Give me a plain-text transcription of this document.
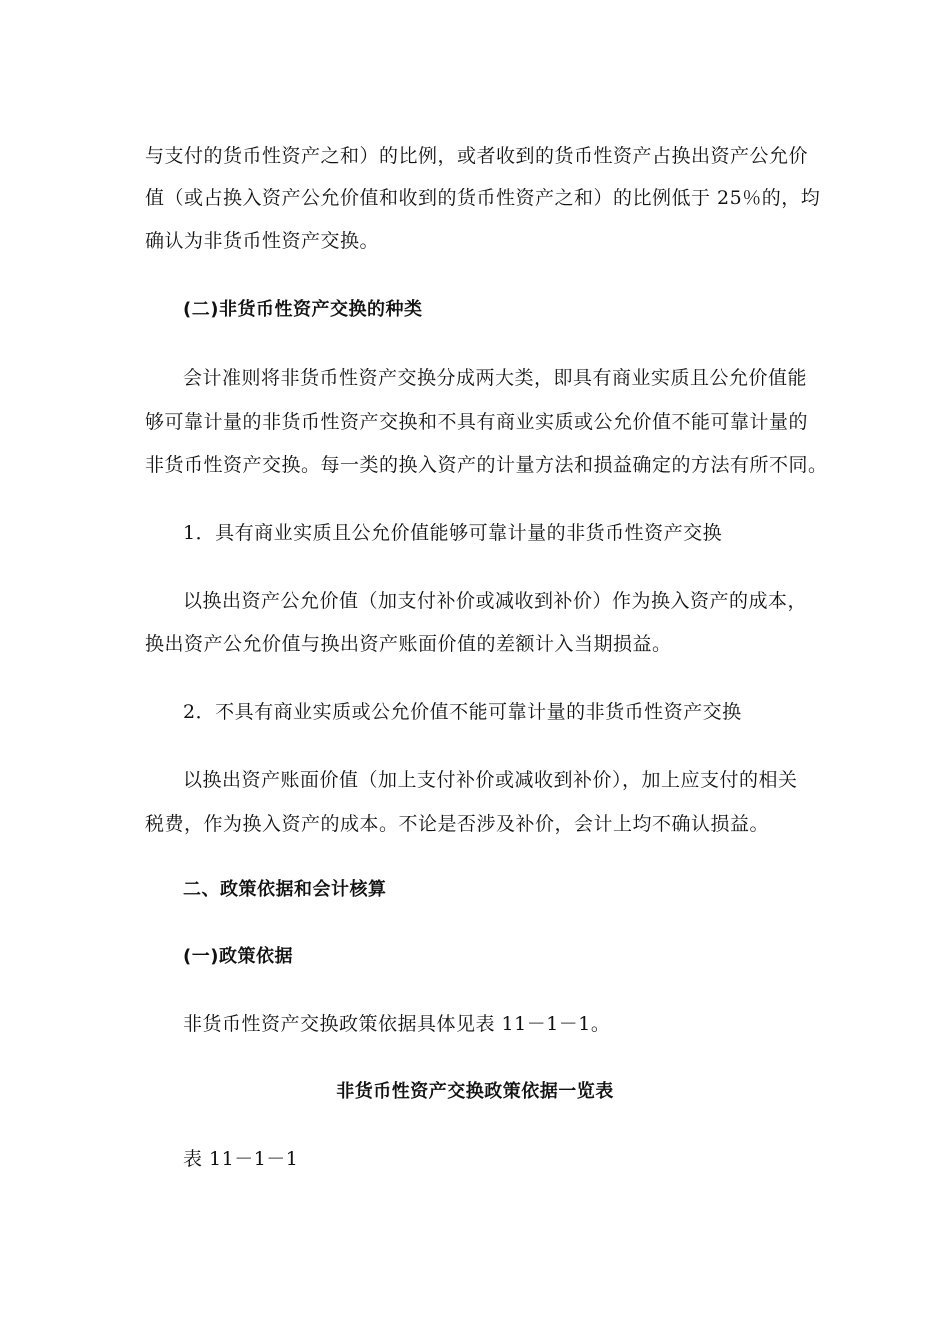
与支付的货币性资产之和）的比例，或者收到的货币性资产占换出资产公允价
值（或占换入资产公允价值和收到的货币性资产之和）的比例低于 25％的，均
确认为非货币性资产交换。
(二)非货币性资产交换的种类
会计准则将非货币性资产交换分成两大类，即具有商业实质且公允价值能
够可靠计量的非货币性资产交换和不具有商业实质或公允价值不能可靠计量的
非货币性资产交换。每一类的换入资产的计量方法和损益确定的方法有所不同。
1．具有商业实质且公允价值能够可靠计量的非货币性资产交换
以换出资产公允价值（加支付补价或减收到补价）作为换入资产的成本，
换出资产公允价值与换出资产账面价值的差额计入当期损益。
2．不具有商业实质或公允价值不能可靠计量的非货币性资产交换
以换出资产账面价值（加上支付补价或减收到补价），加上应支付的相关
税费，作为换入资产的成本。不论是否涉及补价，会计上均不确认损益。
二、政策依据和会计核算
(一)政策依据
非货币性资产交换政策依据具体见表 11－1－1。
非货币性资产交换政策依据一览表
表 11－1－1
